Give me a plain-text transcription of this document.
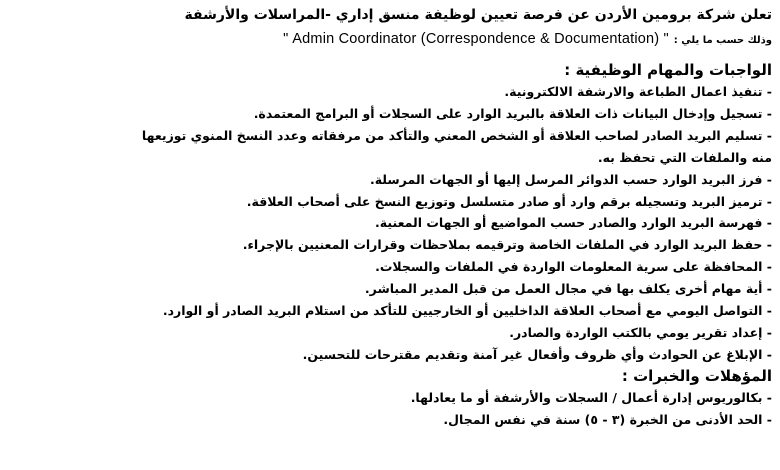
تعلن شركة برومين الأردن عن فرصة تعيين لوظيفة منسق إداري -المراسلات والأرشفة
وذلك حسب ما يلي : " Admin Coordinator (Correspondence & Documentation) "
الواجبات والمهام الوظيفية :
- تنفيذ اعمال الطباعة والارشفة الالكترونية.
- تسجيل وإدخال البيانات ذات العلاقة بالبريد الوارد على السجلات أو البرامج المعتمدة.
- تسليم البريد الصادر لصاحب العلاقة أو الشخص المعني والتأكد من مرفقاته وعدد النسخ المنوي توزيعها
منه والملفات التي تحفظ به.
- فرز البريد الوارد حسب الدوائر المرسل إليها أو الجهات المرسلة.
- ترميز البريد وتسجيله برقم وارد أو صادر متسلسل وتوزيع النسخ على أصحاب العلاقة.
- فهرسة البريد الوارد والصادر حسب المواضيع أو الجهات المعنية.
- حفظ البريد الوارد في الملفات الخاصة وترقيمه بملاحظات وقرارات المعنيين بالإجراء.
- المحافظة على سرية المعلومات الواردة في الملفات والسجلات.
- أية مهام أخرى يكلف بها في مجال العمل من قبل المدير المباشر.
- التواصل اليومي مع أصحاب العلاقة الداخليين أو الخارجيين للتأكد من استلام البريد الصادر أو الوارد.
- إعداد تقرير يومي بالكتب الواردة والصادر.
- الإبلاغ عن الحوادث وأي ظروف وأفعال غير آمنة وتقديم مقترحات للتحسين.
المؤهلات والخبرات :
- بكالوريوس إدارة أعمال / السجلات والأرشفة أو ما يعادلها.
- الحد الأدنى من الخبرة (٣ - ٥) سنة في نفس المجال.
